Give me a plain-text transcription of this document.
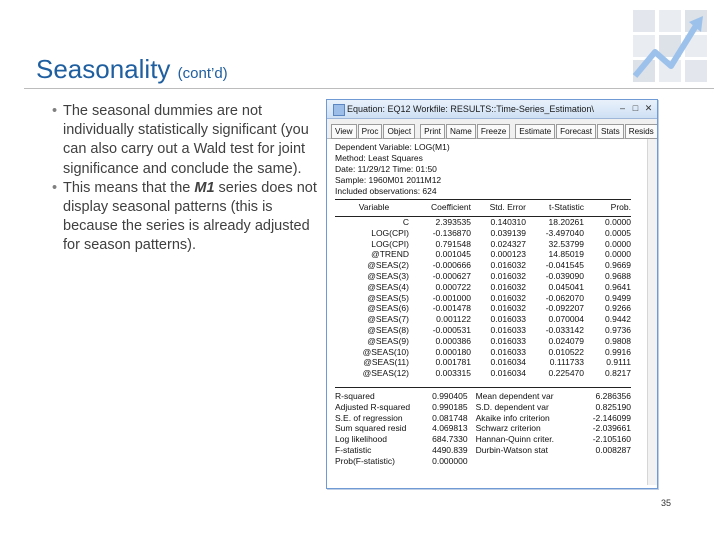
Seasonality (cont’d)
• The seasonal dummies are not individually statistically significant (you can also carry out a Wald test for joint significance and conclude the same).
• This means that the M1 series does not display seasonal patterns (this is because the series is already adjusted for season patterns).
Equation: EQ12 Workfile: RESULTS::Time-Series_Estimation\	– □ ✕
View Proc Object Print Name Freeze Estimate Forecast Stats Resids
Dependent Variable: LOG(M1)
Method: Least Squares
Date: 11/29/12 Time: 01:50
Sample: 1960M01 2011M12
Included observations: 624
Variable	Coefficient	Std. Error	t-Statistic	Prob.
C	2.393535	0.140310	18.20261	0.0000
LOG(CPI)	-0.136870	0.039139	-3.497040	0.0005
LOG(CPI)	0.791548	0.024327	32.53799	0.0000
@TREND	0.001045	0.000123	14.85019	0.0000
@SEAS(2)	-0.000666	0.016032	-0.041545	0.9669
@SEAS(3)	-0.000627	0.016032	-0.039090	0.9688
@SEAS(4)	0.000722	0.016032	0.045041	0.9641
@SEAS(5)	-0.001000	0.016032	-0.062070	0.9499
@SEAS(6)	-0.001478	0.016032	-0.092207	0.9266
@SEAS(7)	0.001122	0.016033	0.070004	0.9442
@SEAS(8)	-0.000531	0.016033	-0.033142	0.9736
@SEAS(9)	0.000386	0.016033	0.024079	0.9808
@SEAS(10)	0.000180	0.016033	0.010522	0.9916
@SEAS(11)	0.001781	0.016034	0.111733	0.9111
@SEAS(12)	0.003315	0.016034	0.225470	0.8217
R-squared	0.990405	Mean dependent var	6.286356
Adjusted R-squared	0.990185	S.D. dependent var	0.825190
S.E. of regression	0.081748	Akaike info criterion	-2.146099
Sum squared resid	4.069813	Schwarz criterion	-2.039661
Log likelihood	684.7330	Hannan-Quinn criter.	-2.105160
F-statistic	4490.839	Durbin-Watson stat	0.008287
Prob(F-statistic)	0.000000		
35
